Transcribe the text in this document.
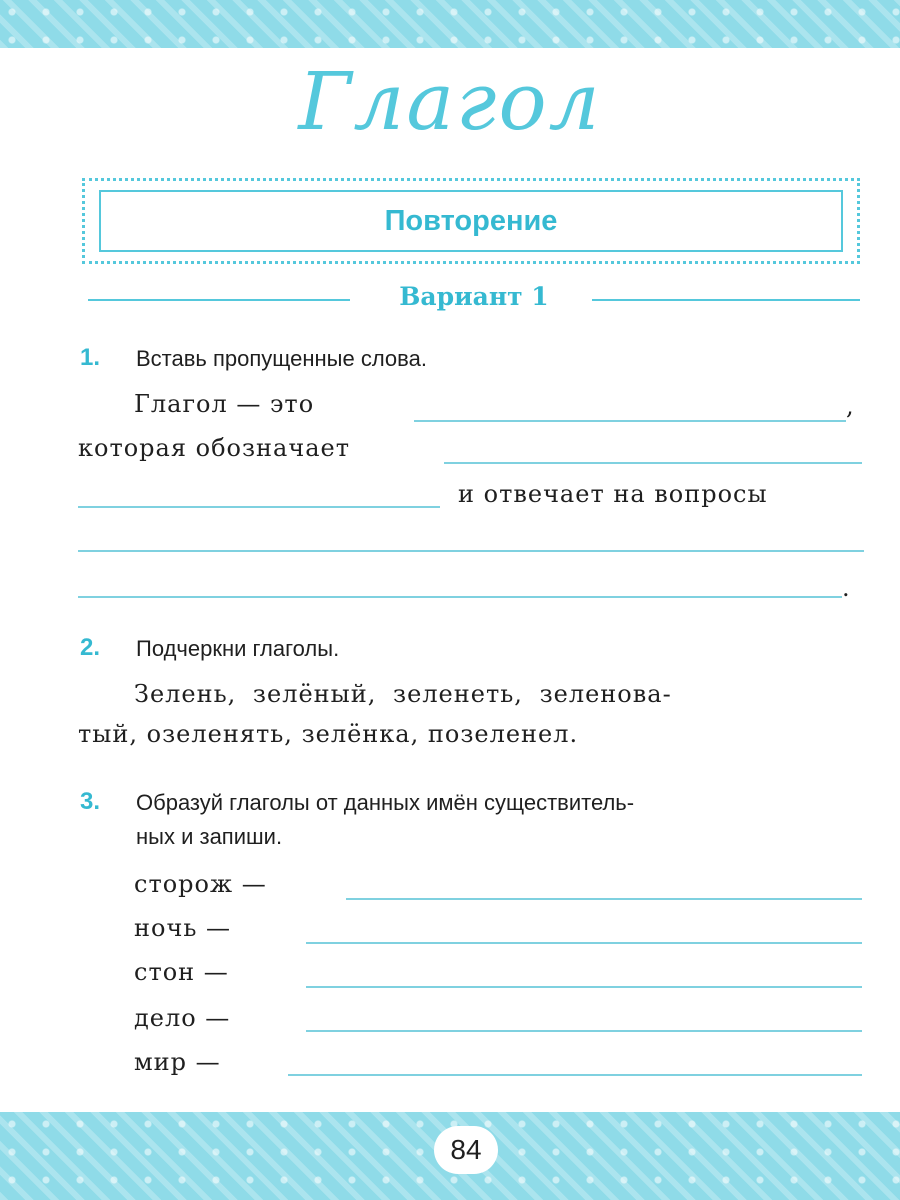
Глагол
Повторение
Вариант 1
1. Вставь пропущенные слова.
Глагол — это	,
которая обозначает
и отвечает на вопросы
.
2. Подчеркни глаголы.
Зелень, зелёный, зеленеть, зеленова-
тый, озеленять, зелёнка, позеленел.
3. Образуй глаголы от данных имён существитель-
ных и запиши.
сторож —
ночь —
стон —
дело —
мир —
84
